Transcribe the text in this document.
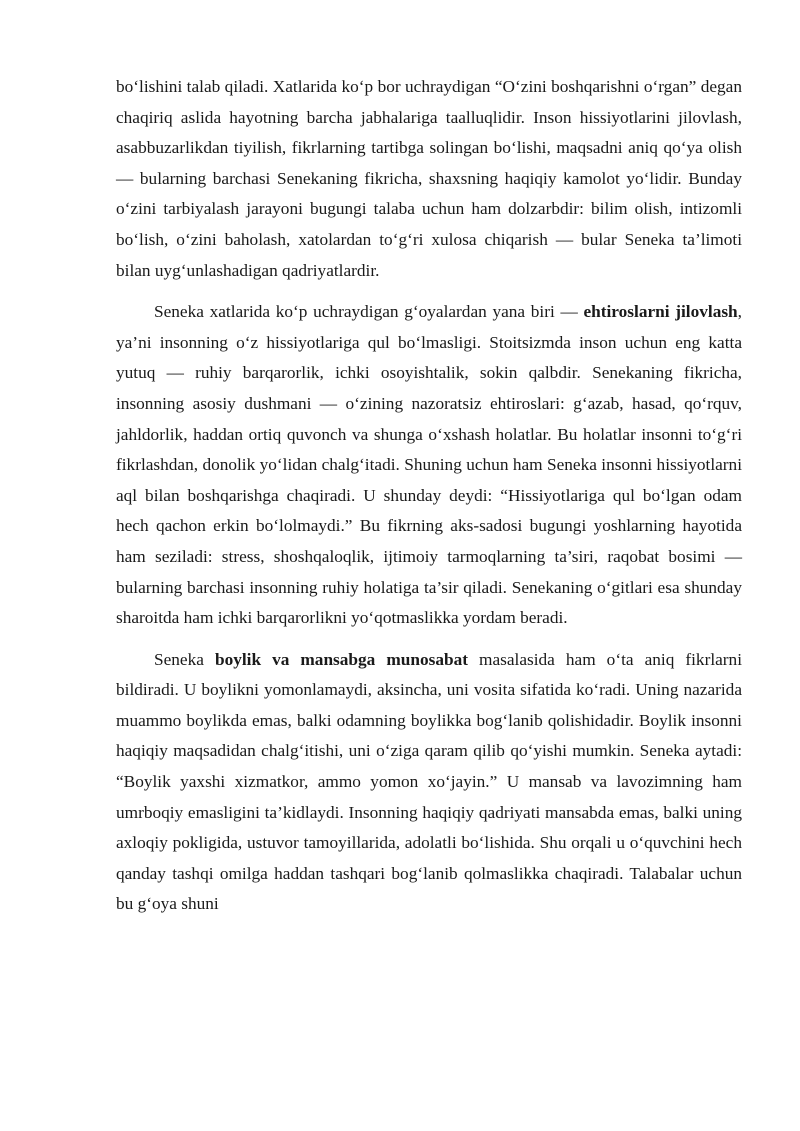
bo‘lishini talab qiladi. Xatlarida ko‘p bor uchraydigan “O‘zini boshqarishni o‘rgan” degan chaqiriq aslida hayotning barcha jabhalariga taalluqlidir. Inson hissiyotlarini jilovlash, asabbuzarlikdan tiyilish, fikrlarning tartibga solingan bo‘lishi, maqsadni aniq qo‘ya olish — bularning barchasi Senekaning fikricha, shaxsning haqiqiy kamolot yo‘lidir. Bunday o‘zini tarbiyalash jarayoni bugungi talaba uchun ham dolzarbdir: bilim olish, intizomli bo‘lish, o‘zini baholash, xatolardan to‘g‘ri xulosa chiqarish — bular Seneka ta’limoti bilan uyg‘unlashadigan qadriyatlardir.

Seneka xatlarida ko‘p uchraydigan g‘oyalardan yana biri — ehtiroslarni jilovlash, ya’ni insonning o‘z hissiyotlariga qul bo‘lmasligi. Stoitsizmda inson uchun eng katta yutuq — ruhiy barqarorlik, ichki osoyishtalik, sokin qalbdir. Senekaning fikricha, insonning asosiy dushmani — o‘zining nazoratsiz ehtiroslari: g‘azab, hasad, qo‘rquv, jahldorlik, haddan ortiq quvonch va shunga o‘xshash holatlar. Bu holatlar insonni to‘g‘ri fikrlashdan, donolik yo‘lidan chalg‘itadi. Shuning uchun ham Seneka insonni hissiyotlarni aql bilan boshqarishga chaqiradi. U shunday deydi: “Hissiyotlariga qul bo‘lgan odam hech qachon erkin bo‘lolmaydi.” Bu fikrning aks-sadosi bugungi yoshlarning hayotida ham seziladi: stress, shoshqaloqlik, ijtimoiy tarmoqlarning ta’siri, raqobat bosimi — bularning barchasi insonning ruhiy holatiga ta’sir qiladi. Senekaning o‘gitlari esa shunday sharoitda ham ichki barqarorlikni yo‘qotmaslikka yordam beradi.

Seneka boylik va mansabga munosabat masalasida ham o‘ta aniq fikrlarni bildiradi. U boylikni yomonlamaydi, aksincha, uni vosita sifatida ko‘radi. Uning nazarida muammo boylikda emas, balki odamning boylikka bog‘lanib qolishidadir. Boylik insonni haqiqiy maqsadidan chalg‘itishi, uni o‘ziga qaram qilib qo‘yishi mumkin. Seneka aytadi: “Boylik yaxshi xizmatkor, ammo yomon xo‘jayin.” U mansab va lavozimning ham umrboqiy emasligini ta’kidlaydi. Insonning haqiqiy qadriyati mansabda emas, balki uning axloqiy pokligida, ustuvor tamoyillarida, adolatli bo‘lishida. Shu orqali u o‘quvchini hech qanday tashqi omilga haddan tashqari bog‘lanib qolmaslikka chaqiradi. Talabalar uchun bu g‘oya shuni
